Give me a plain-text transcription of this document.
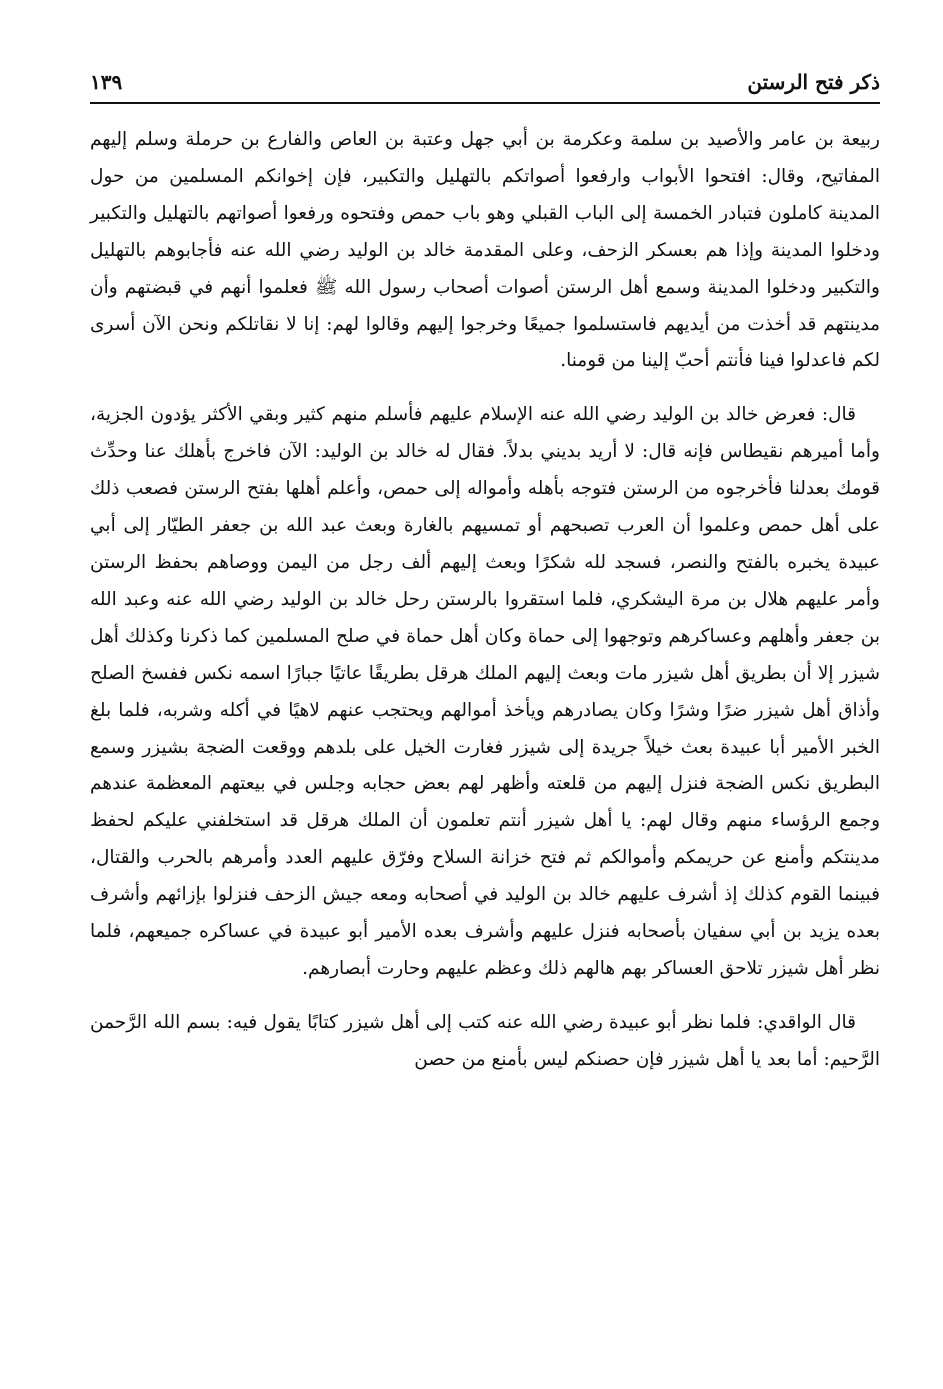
ذكر فتح الرستن
١٣٩

ربيعة بن عامر والأصيد بن سلمة وعكرمة بن أبي جهل وعتبة بن العاص والفارع بن حرملة وسلم إليهم المفاتيح، وقال: افتحوا الأبواب وارفعوا أصواتكم بالتهليل والتكبير، فإن إخوانكم المسلمين من حول المدينة كاملون فتبادر الخمسة إلى الباب القبلي وهو باب حمص وفتحوه ورفعوا أصواتهم بالتهليل والتكبير ودخلوا المدينة وإذا هم بعسكر الزحف، وعلى المقدمة خالد بن الوليد رضي الله عنه فأجابوهم بالتهليل والتكبير ودخلوا المدينة وسمع أهل الرستن أصوات أصحاب رسول الله ﷺ فعلموا أنهم في قبضتهم وأن مدينتهم قد أخذت من أيديهم فاستسلموا جميعًا وخرجوا إليهم وقالوا لهم: إنا لا نقاتلكم ونحن الآن أسرى لكم فاعدلوا فينا فأنتم أحبّ إلينا من قومنا.

قال: فعرض خالد بن الوليد رضي الله عنه الإسلام عليهم فأسلم منهم كثير وبقي الأكثر يؤدون الجزية، وأما أميرهم نقيطاس فإنه قال: لا أريد بديني بدلاً. فقال له خالد بن الوليد: الآن فاخرج بأهلك عنا وحدِّث قومك بعدلنا فأخرجوه من الرستن فتوجه بأهله وأمواله إلى حمص، وأعلم أهلها بفتح الرستن فصعب ذلك على أهل حمص وعلموا أن العرب تصبحهم أو تمسيهم بالغارة وبعث عبد الله بن جعفر الطيّار إلى أبي عبيدة يخبره بالفتح والنصر، فسجد لله شكرًا وبعث إليهم ألف رجل من اليمن ووصاهم بحفظ الرستن وأمر عليهم هلال بن مرة اليشكري، فلما استقروا بالرستن رحل خالد بن الوليد رضي الله عنه وعبد الله بن جعفر وأهلهم وعساكرهم وتوجهوا إلى حماة وكان أهل حماة في صلح المسلمين كما ذكرنا وكذلك أهل شيزر إلا أن بطريق أهل شيزر مات وبعث إليهم الملك هرقل بطريقًا عاتيًا جبارًا اسمه نكس ففسخ الصلح وأذاق أهل شيزر ضرًا وشرًا وكان يصادرهم ويأخذ أموالهم ويحتجب عنهم لاهيًا في أكله وشربه، فلما بلغ الخبر الأمير أبا عبيدة بعث خيلاً جريدة إلى شيزر فغارت الخيل على بلدهم ووقعت الضجة بشيزر وسمع البطريق نكس الضجة فنزل إليهم من قلعته وأظهر لهم بعض حجابه وجلس في بيعتهم المعظمة عندهم وجمع الرؤساء منهم وقال لهم: يا أهل شيزر أنتم تعلمون أن الملك هرقل قد استخلفني عليكم لحفظ مدينتكم وأمنع عن حريمكم وأموالكم ثم فتح خزانة السلاح وفرّق عليهم العدد وأمرهم بالحرب والقتال، فبينما القوم كذلك إذ أشرف عليهم خالد بن الوليد في أصحابه ومعه جيش الزحف فنزلوا بإزائهم وأشرف بعده يزيد بن أبي سفيان بأصحابه فنزل عليهم وأشرف بعده الأمير أبو عبيدة في عساكره جميعهم، فلما نظر أهل شيزر تلاحق العساكر بهم هالهم ذلك وعظم عليهم وحارت أبصارهم.

قال الواقدي: فلما نظر أبو عبيدة رضي الله عنه كتب إلى أهل شيزر كتابًا يقول فيه: بسم الله الرَّحمن الرَّحيم: أما بعد يا أهل شيزر فإن حصنكم ليس بأمنع من حصن
